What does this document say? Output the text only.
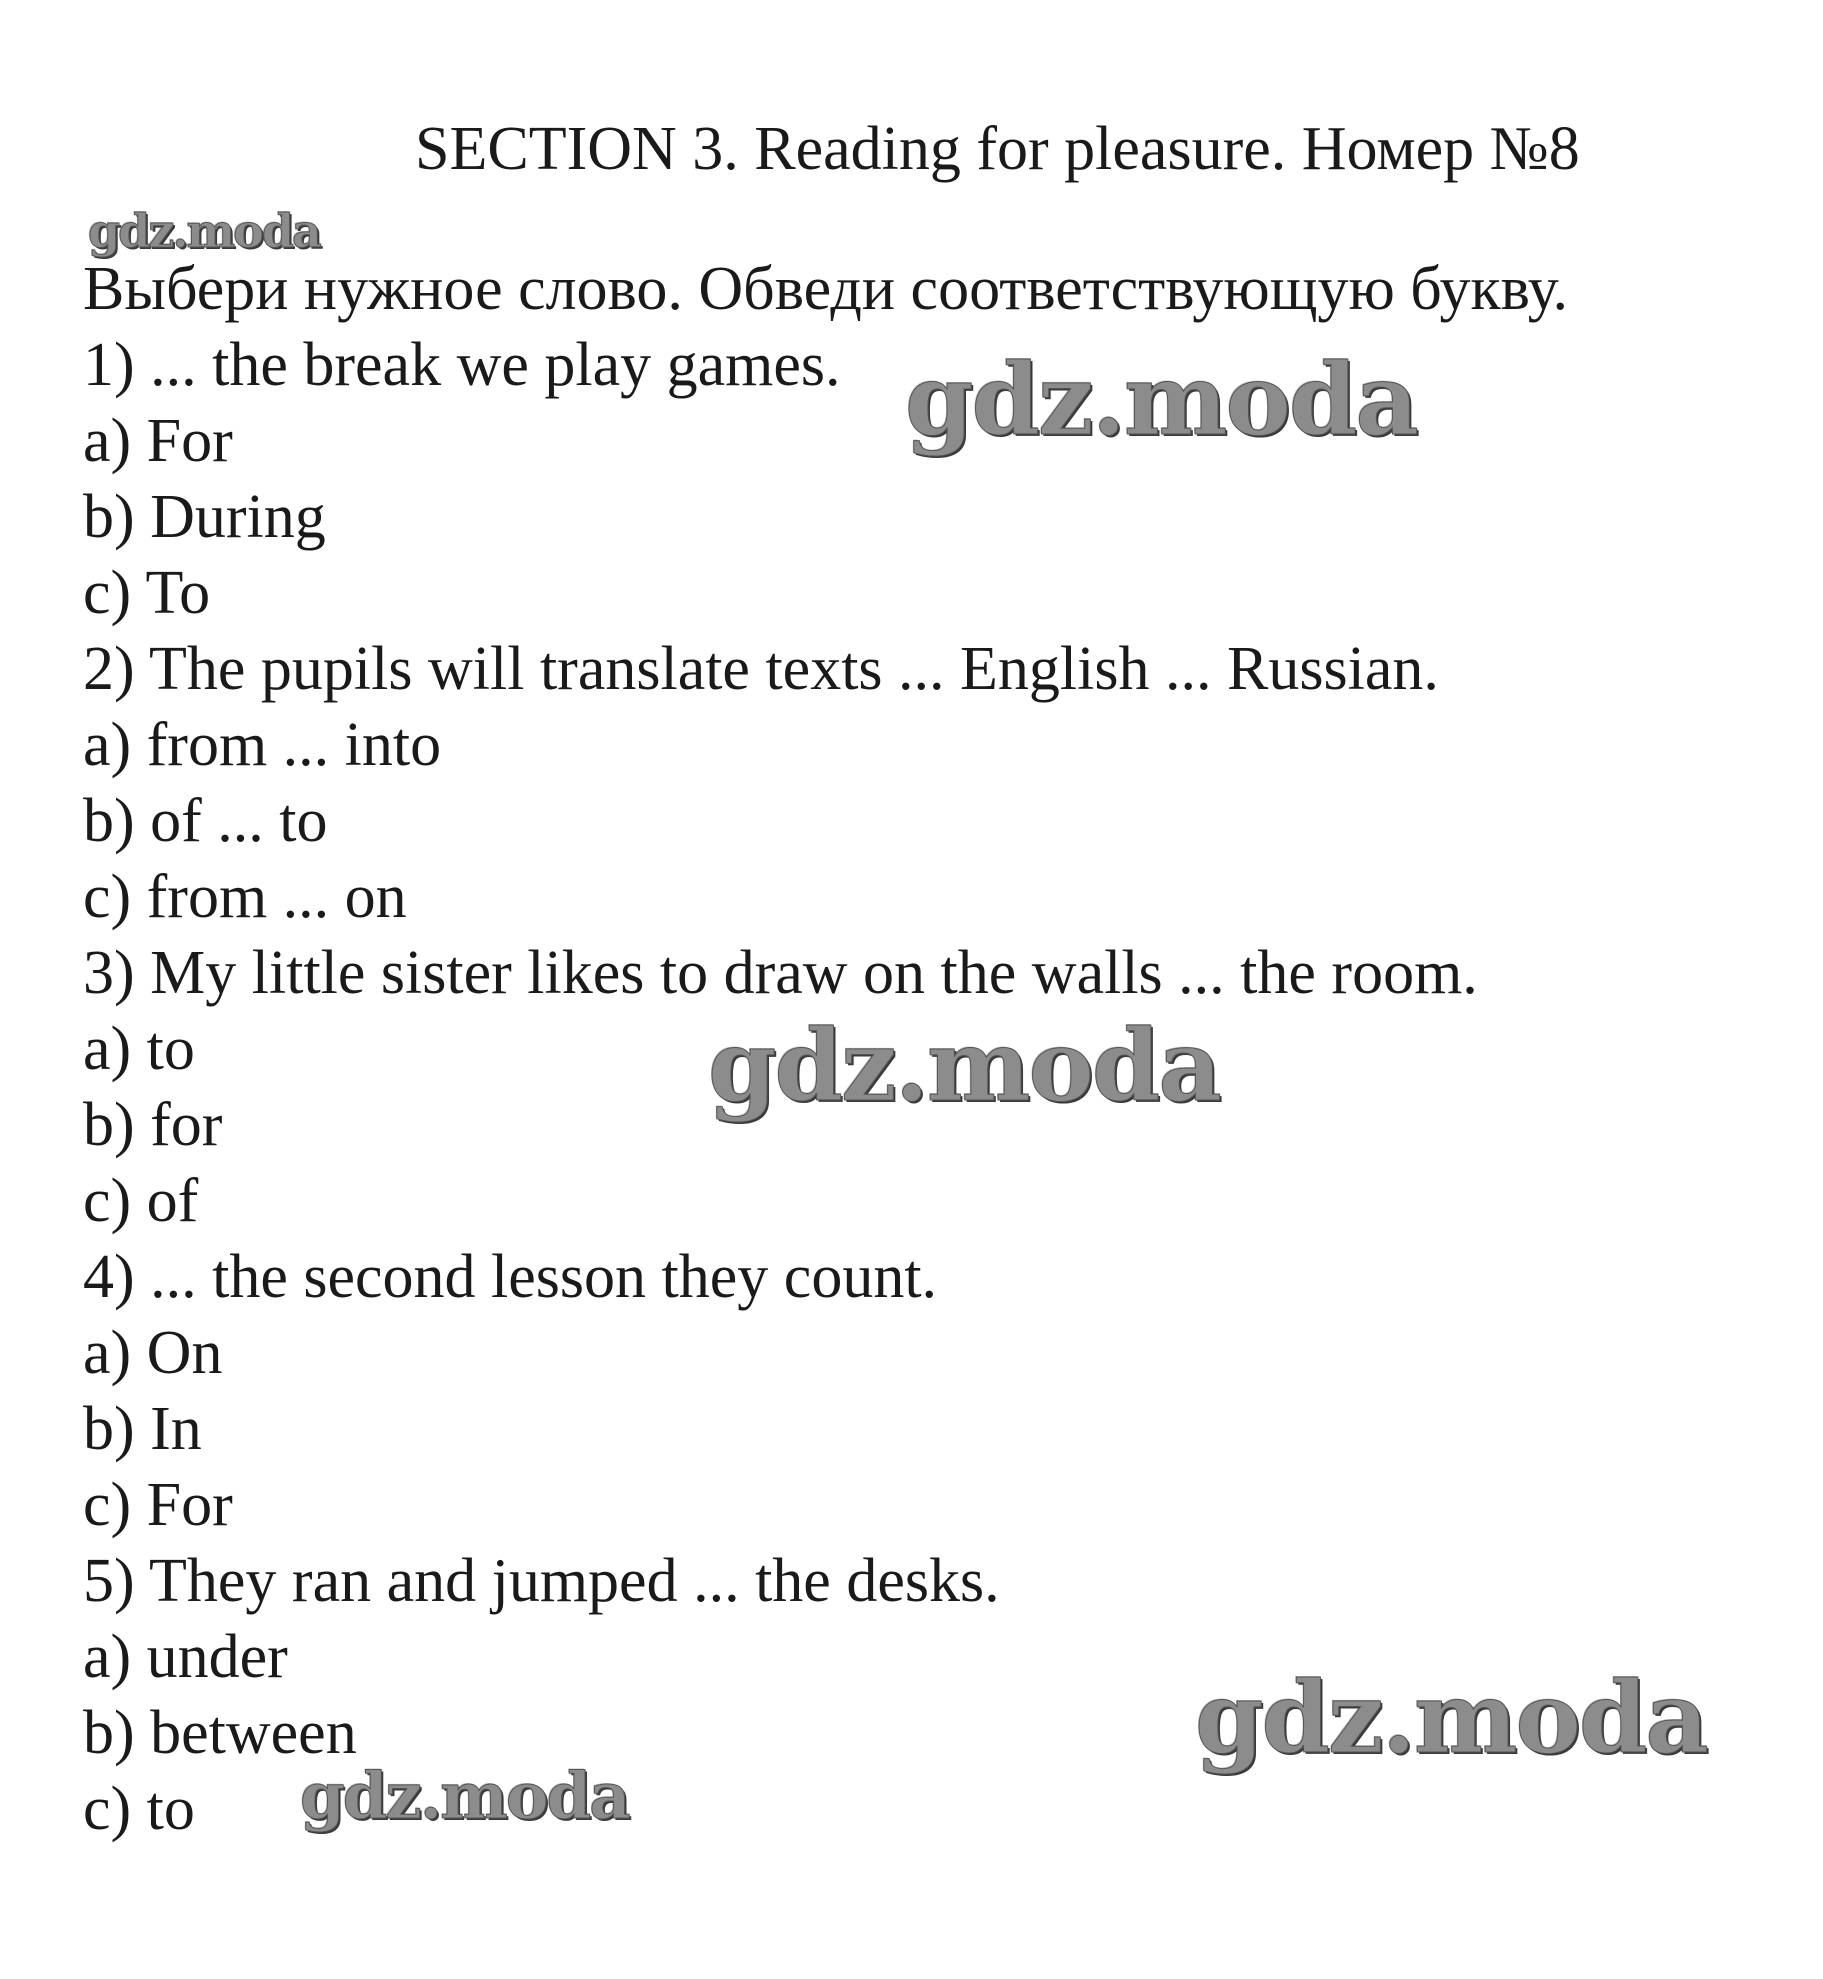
SECTION 3. Reading for pleasure. Номер №8
gdz.moda
Выбери нужное слово. Обведи соответствующую букву.
1) ... the break we play games.
a) For
b) During
c) To
2) The pupils will translate texts ... English ... Russian.
a) from ... into
b) of ... to
c) from ... on
3) My little sister likes to draw on the walls ... the room.
a) to
b) for
c) of
4) ... the second lesson they count.
a) On
b) In
c) For
5) They ran and jumped ... the desks.
a) under
b) between
c) to
gdz.moda
gdz.moda
gdz.moda
gdz.moda
